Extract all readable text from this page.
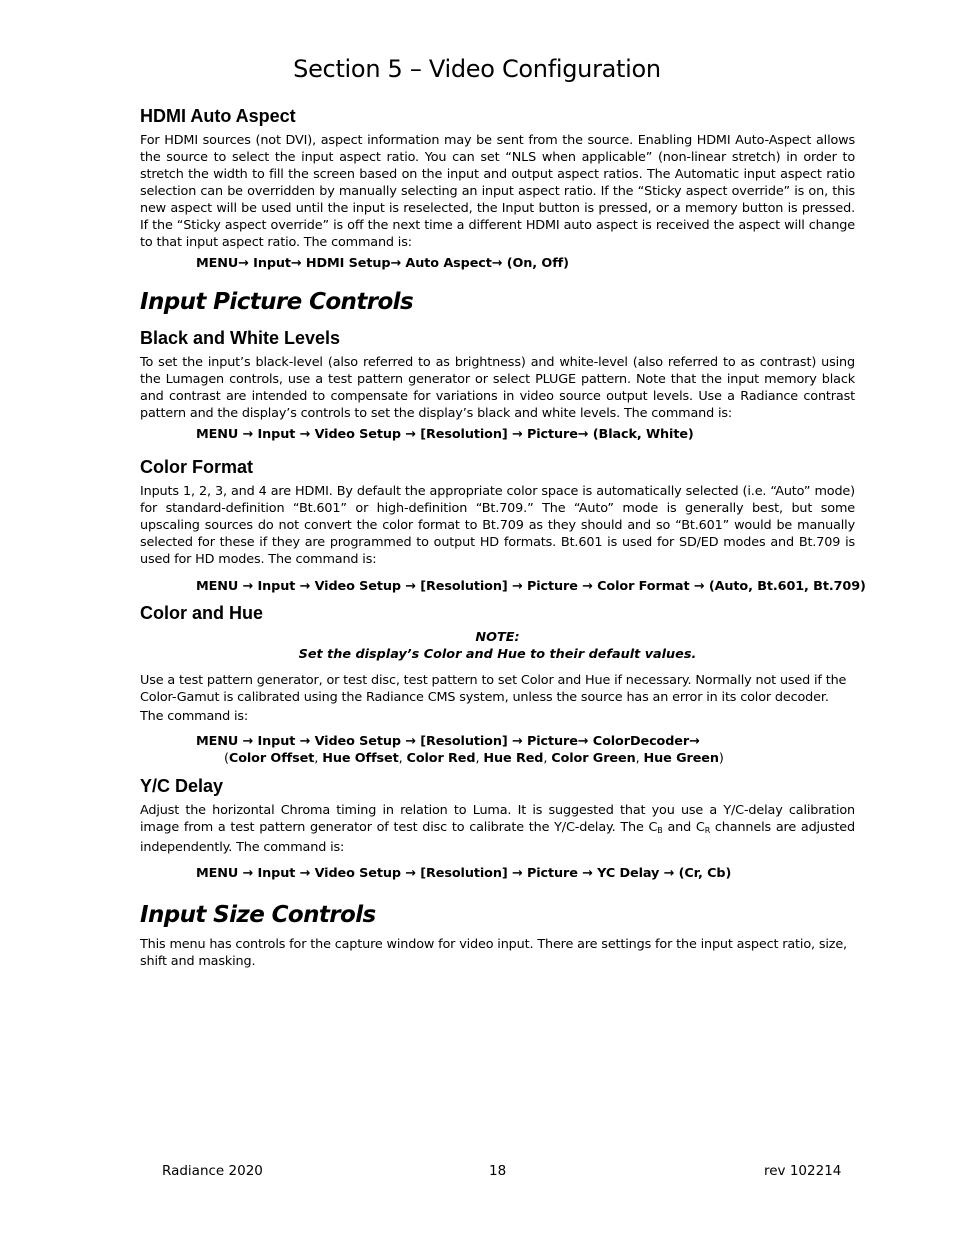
Section 5 – Video Configuration
HDMI Auto Aspect

For HDMI sources (not DVI), aspect information may be sent from the source. Enabling HDMI Auto-Aspect allows the source to select the input aspect ratio. You can set “NLS when applicable” (non-linear stretch) in order to stretch the width to fill the screen based on the input and output aspect ratios. The Automatic input aspect ratio selection can be overridden by manually selecting an input aspect ratio. If the “Sticky aspect override” is on, this new aspect will be used until the input is reselected, the Input button is pressed, or a memory button is pressed. If the “Sticky aspect override” is off the next time a different HDMI auto aspect is received the aspect will change to that input aspect ratio. The command is:

MENU→ Input→ HDMI Setup→ Auto Aspect→ (On, Off)

Input Picture Controls
Black and White Levels

To set the input’s black-level (also referred to as brightness) and white-level (also referred to as contrast) using the Lumagen controls, use a test pattern generator or select PLUGE pattern. Note that the input memory black and contrast are intended to compensate for variations in video source output levels. Use a Radiance contrast pattern and the display’s controls to set the display’s black and white levels. The command is:

MENU → Input → Video Setup → [Resolution] → Picture→ (Black, White)

Color Format

Inputs 1, 2, 3, and 4 are HDMI. By default the appropriate color space is automatically selected (i.e. “Auto” mode) for standard-definition “Bt.601” or high-definition “Bt.709.” The “Auto” mode is generally best, but some upscaling sources do not convert the color format to Bt.709 as they should and so “Bt.601” would be manually selected for these if they are programmed to output HD formats. Bt.601 is used for SD/ED modes and Bt.709 is used for HD modes. The command is:

MENU → Input → Video Setup → [Resolution] → Picture → Color Format → (Auto, Bt.601, Bt.709)

Color and Hue

NOTE:

Set the display’s Color and Hue to their default values.

Use a test pattern generator, or test disc, test pattern to set Color and Hue if necessary. Normally not used if the Color-Gamut is calibrated using the Radiance CMS system, unless the source has an error in its color decoder.

The command is:

MENU → Input → Video Setup → [Resolution] → Picture→ ColorDecoder→

(Color Offset, Hue Offset, Color Red, Hue Red, Color Green, Hue Green)

Y/C Delay

Adjust the horizontal Chroma timing in relation to Luma. It is suggested that you use a Y/C-delay calibration image from a test pattern generator of test disc to calibrate the Y/C-delay. The $C_B$ and $C_R$ channels are adjusted independently. The command is:

MENU → Input → Video Setup → [Resolution] → Picture → YC Delay → (Cr, Cb)

Input Size Controls

This menu has controls for the capture window for video input. There are settings for the input aspect ratio, size, shift and masking.

Radiance 2020	18	rev 102214
